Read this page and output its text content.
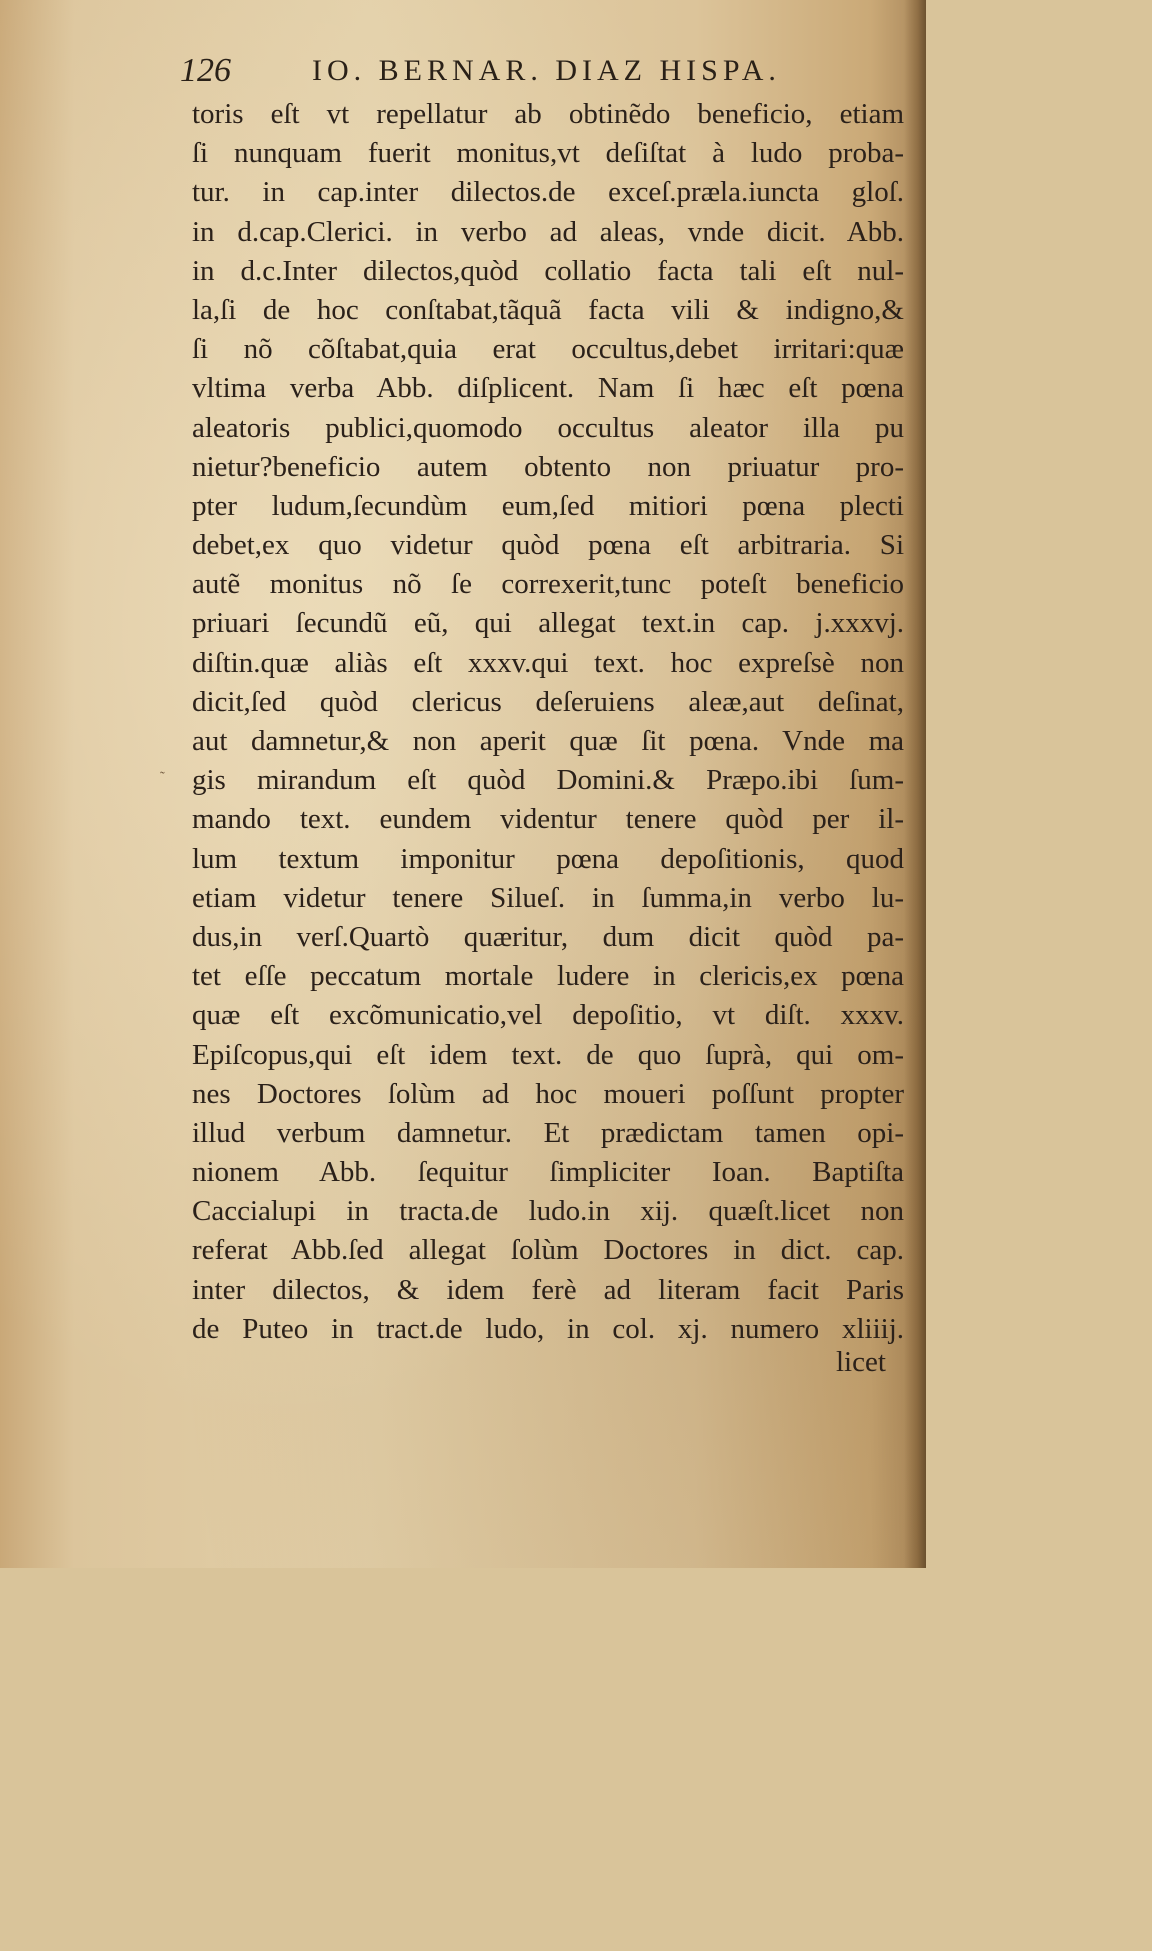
126	IO. BERNAR. DIAZ HISPA.
˜
toris eſt vt repellatur ab obtinẽdo beneficio, etiam
ſi nunquam fuerit monitus,vt deſiſtat à ludo proba-
tur. in cap.inter dilectos.de exceſ.prælа.iuncta gloſ.
in d.cap.Clerici. in verbo ad aleas, vnde dicit. Abb.
in d.c.Inter dilectos,quòd collatio facta tali eſt nul-
la,ſi de hoc conſtabat,tãquã facta vili & indigno,&
ſi nõ cõſtabat,quia erat occultus,debet irritari:quæ
vltima verba Abb. diſplicent. Nam ſi hæc eſt pœna
aleatoris publici,quomodo occultus aleator illa pu
nietur?beneficio autem obtento non priuatur pro-
pter ludum,ſecundùm eum,ſed mitiori pœna plecti
debet,ex quo videtur quòd pœna eſt arbitraria. Si
autẽ monitus nõ ſe correxerit,tunc poteſt beneficio
priuari ſecundũ eũ, qui allegat text.in cap. j.xxxvj.
diſtin.quæ aliàs eſt xxxv.qui text. hoc expreſsè non
dicit,ſed quòd clericus deſeruiens aleæ,aut deſinat,
aut damnetur,& non aperit quæ ſit pœna. Vnde ma
gis mirandum eſt quòd Domini.& Præpo.ibi ſum-
mando text. eundem videntur tenere quòd per il-
lum textum imponitur pœna depoſitionis, quod
etiam videtur tenere Siluеſ. in ſumma,in verbo lu-
dus,in verſ.Quartò quæritur, dum dicit quòd pa-
tet eſſe peccatum mortale ludere in clericis,ex pœna
quæ eſt excõmunicatio,vel depoſitio, vt diſt. xxxv.
Epiſcopus,qui eſt idem text. de quo ſuprà, qui om-
nes Doctores ſolùm ad hoc moueri poſſunt propter
illud verbum damnetur. Et prædictam tamen opi-
nionem Abb. ſequitur ſimpliciter Ioan. Baptiſta
Caccialupi in tracta.de ludo.in xij. quæſt.licet non
referat Abb.ſed allegat ſolùm Doctores in dict. cap.
inter dilectos, & idem ferè ad literam facit Paris
de Puteo in tract.de ludo, in col. xj. numero xliiij.
licet
